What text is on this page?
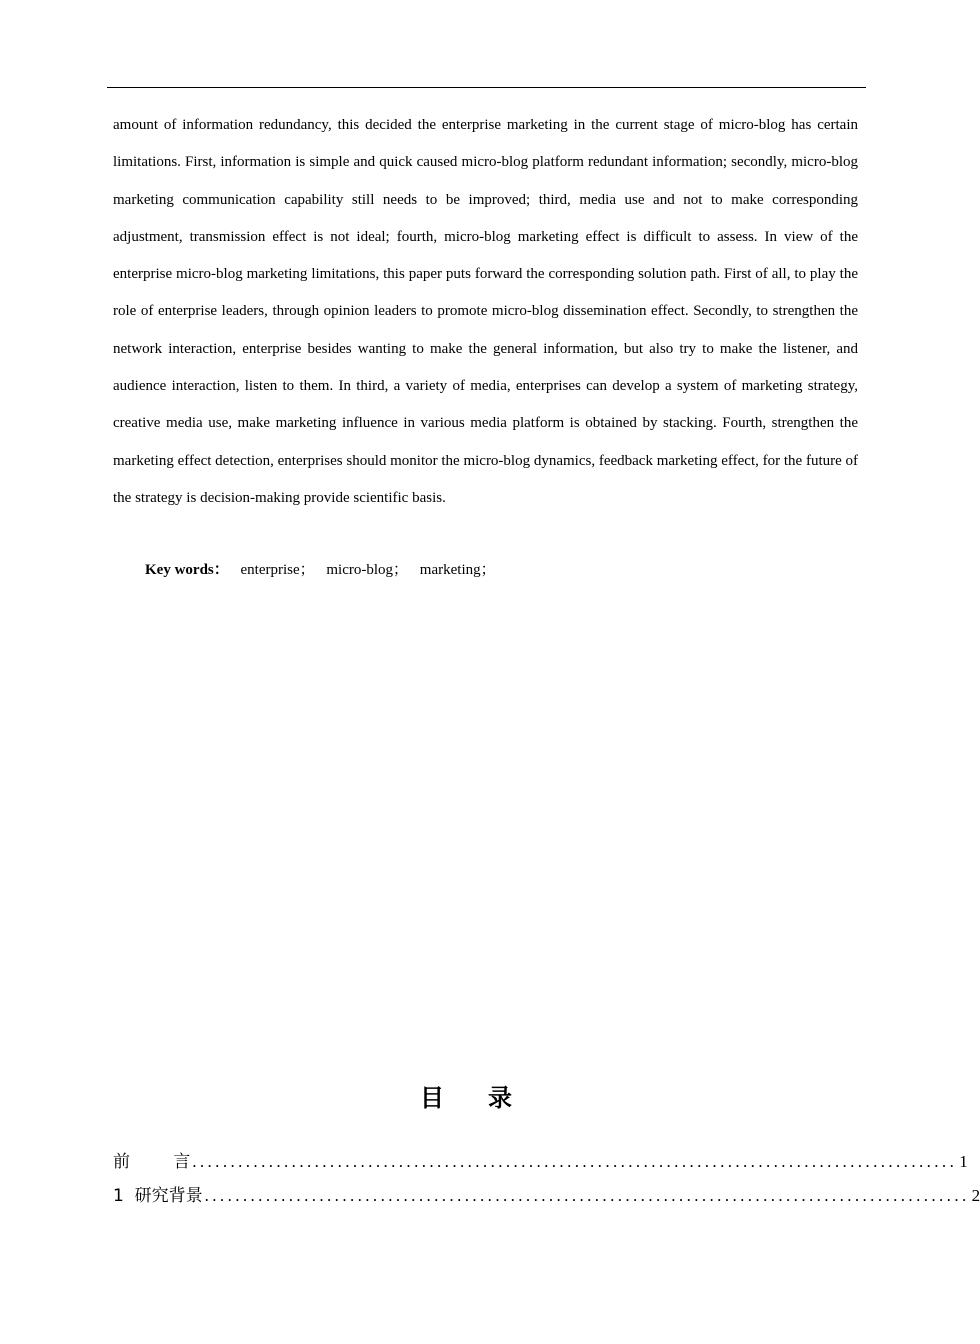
amount of information redundancy, this decided the enterprise marketing in the current stage of micro-blog has certain limitations. First, information is simple and quick caused micro-blog platform redundant information; secondly, micro-blog marketing communication capability still needs to be improved; third, media use and not to make corresponding adjustment, transmission effect is not ideal; fourth, micro-blog marketing effect is difficult to assess. In view of the enterprise micro-blog marketing limitations, this paper puts forward the corresponding solution path. First of all, to play the role of enterprise leaders, through opinion leaders to promote micro-blog dissemination effect. Secondly, to strengthen the network interaction, enterprise besides wanting to make the general information, but also try to make the listener, and audience interaction, listen to them. In third, a variety of media, enterprises can develop a system of marketing strategy, creative media use, make marketing influence in various media platform is obtained by stacking. Fourth, strengthen the marketing effect detection, enterprises should monitor the micro-blog dynamics, feedback marketing effect, for the future of the strategy is decision-making provide scientific basis.

Key words： enterprise； micro-blog； marketing；
目录
前        言 .................................................................................................... 1
1  研究背景 .................................................................................................... 2
